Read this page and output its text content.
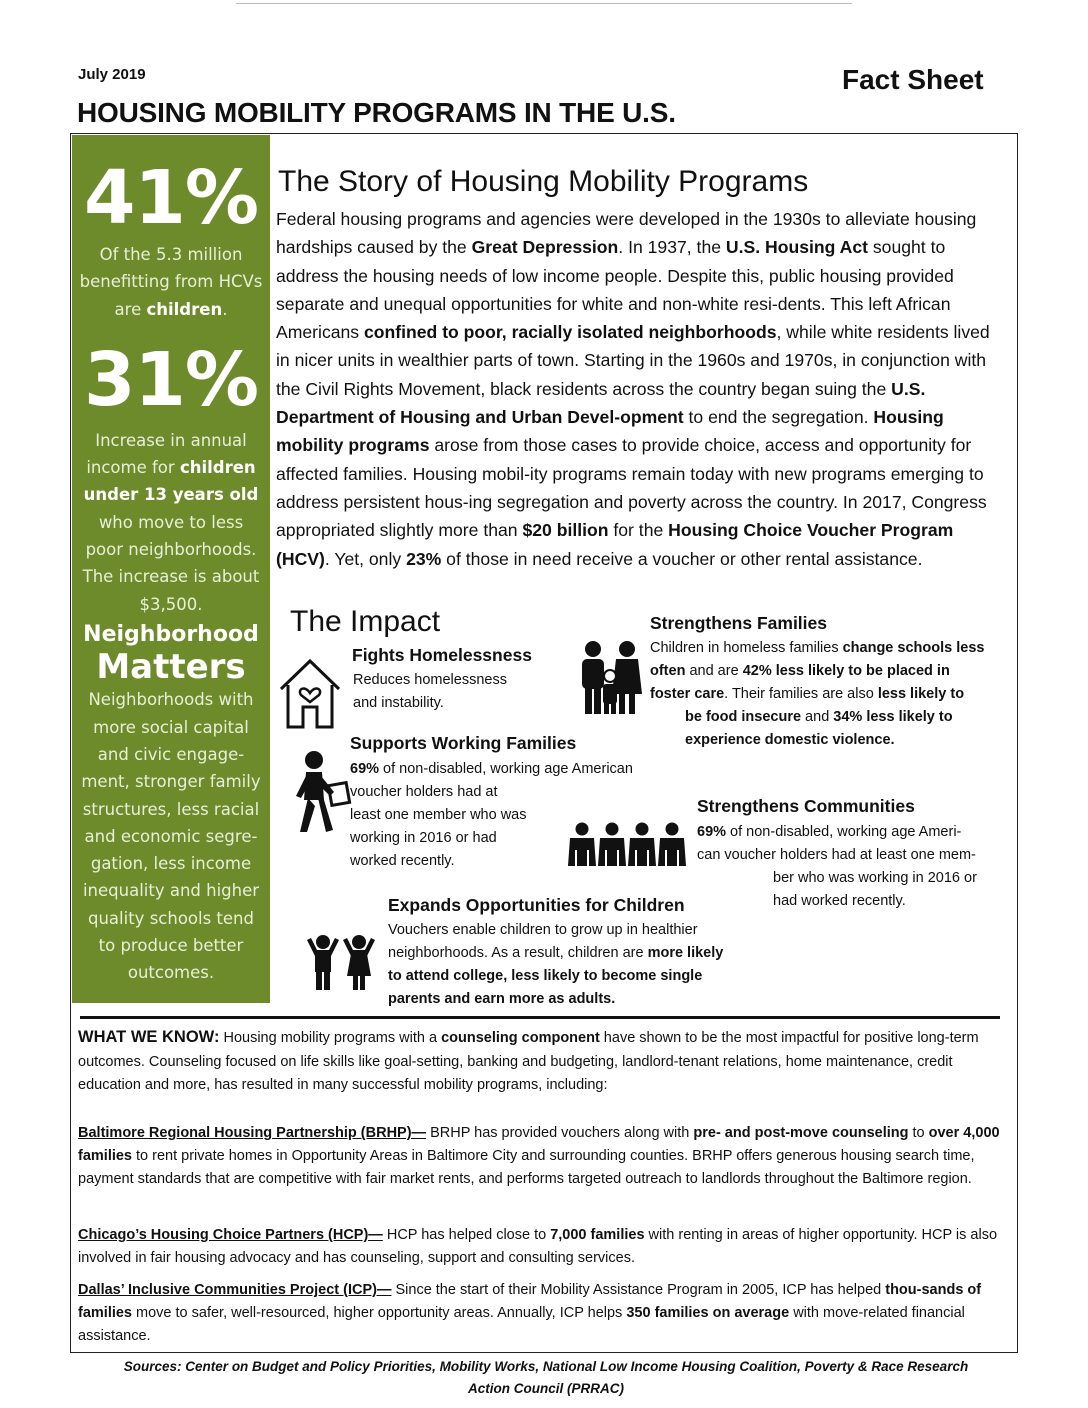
July 2019	Fact Sheet
HOUSING MOBILITY PROGRAMS IN THE U.S.
41%
Of the 5.3 million
benefitting from HCVs
are children.
31%
Increase in annual
income for children
under 13 years old
who move to less
poor neighborhoods.
The increase is about
$3,500.
Neighborhood
Matters
Neighborhoods with
more social capital
and civic engage-
ment, stronger family
structures, less racial
and economic segre-
gation, less income
inequality and higher
quality schools tend
to produce better
outcomes.
The Story of Housing Mobility Programs
Federal housing programs and agencies were developed in the 1930s to alleviate housing hardships caused by the Great Depression. In 1937, the U.S. Housing Act sought to address the housing needs of low income people. Despite this, public housing provided separate and unequal opportunities for white and non-white resi-dents. This left African Americans confined to poor, racially isolated neighborhoods, while white residents lived in nicer units in wealthier parts of town. Starting in the 1960s and 1970s, in conjunction with the Civil Rights Movement, black residents across the country began suing the U.S. Department of Housing and Urban Devel-opment to end the segregation. Housing mobility programs arose from those cases to provide choice, access and opportunity for affected families. Housing mobil-ity programs remain today with new programs emerging to address persistent hous-ing segregation and poverty across the country. In 2017, Congress appropriated slightly more than $20 billion for the Housing Choice Voucher Program (HCV). Yet, only 23% of those in need receive a voucher or other rental assistance.
The Impact
Fights Homelessness
Reduces homelessness
and instability.
Strengthens Families
Children in homeless families change schools less
often and are 42% less likely to be placed in
foster care. Their families are also less likely to
be food insecure and 34% less likely to
experience domestic violence.
Supports Working Families
69% of non-disabled, working age American
voucher holders had at
least one member who was
working in 2016 or had
worked recently.
Strengthens Communities
69% of non-disabled, working age Ameri-
can voucher holders had at least one mem-
ber who was working in 2016 or
had worked recently.
Expands Opportunities for Children
Vouchers enable children to grow up in healthier
neighborhoods. As a result, children are more likely
to attend college, less likely to become single
parents and earn more as adults.
WHAT WE KNOW: Housing mobility programs with a counseling component have shown to be the most impactful for positive long-term outcomes. Counseling focused on life skills like goal-setting, banking and budgeting, landlord-tenant relations, home maintenance, credit education and more, has resulted in many successful mobility programs, including:
Baltimore Regional Housing Partnership (BRHP)— BRHP has provided vouchers along with pre- and post-move counseling to over 4,000 families to rent private homes in Opportunity Areas in Baltimore City and surrounding counties. BRHP offers generous housing search time, payment standards that are competitive with fair market rents, and performs targeted outreach to landlords throughout the Baltimore region.
Chicago’s Housing Choice Partners (HCP)— HCP has helped close to 7,000 families with renting in areas of higher opportunity. HCP is also involved in fair housing advocacy and has counseling, support and consulting services.
Dallas’ Inclusive Communities Project (ICP)— Since the start of their Mobility Assistance Program in 2005, ICP has helped thou-sands of families move to safer, well-resourced, higher opportunity areas. Annually, ICP helps 350 families on average with move-related financial assistance.
Sources: Center on Budget and Policy Priorities, Mobility Works, National Low Income Housing Coalition, Poverty & Race Research
Action Council (PRRAC)
